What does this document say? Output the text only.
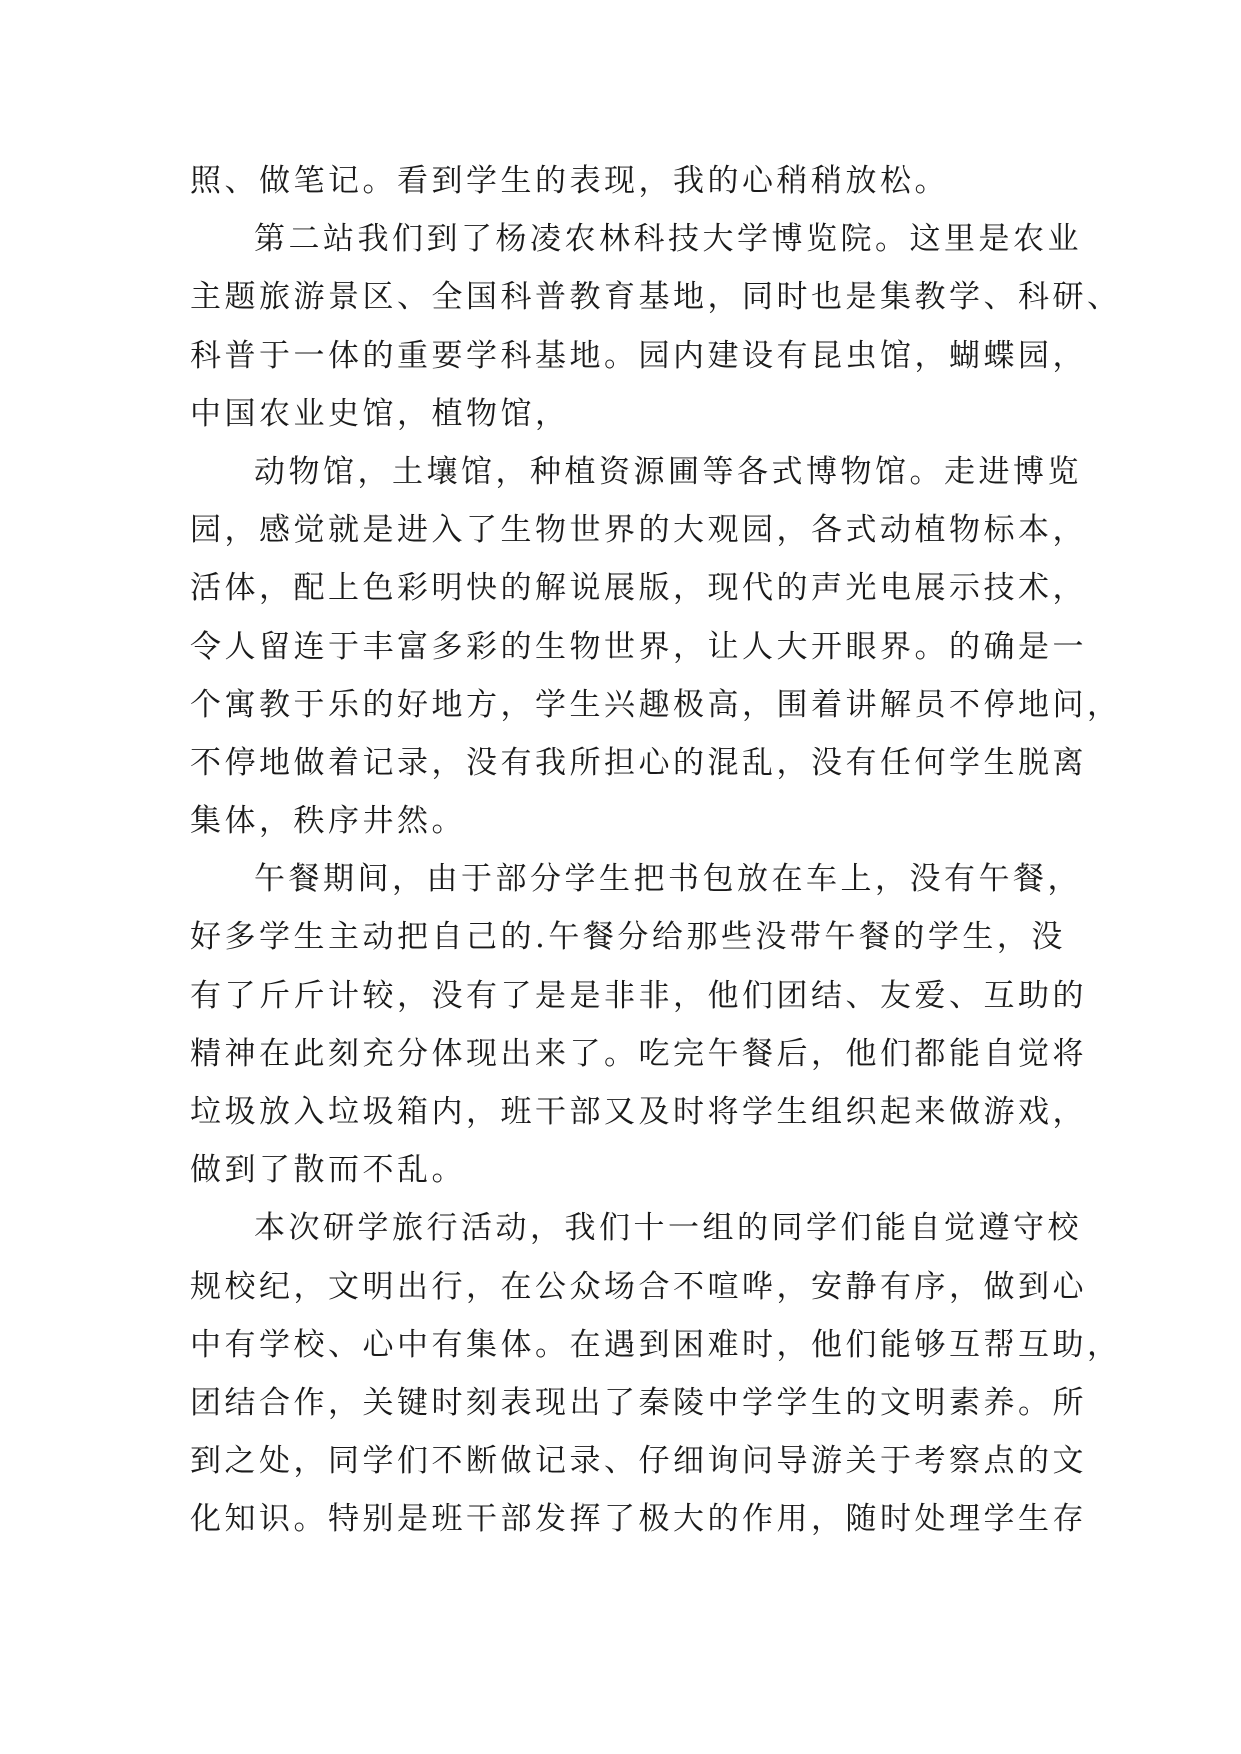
照、做笔记。看到学生的表现，我的心稍稍放松。

第二站我们到了杨凌农林科技大学博览院。这里是农业

主题旅游景区、全国科普教育基地，同时也是集教学、科研、

科普于一体的重要学科基地。园内建设有昆虫馆，蝴蝶园，

中国农业史馆，植物馆，

动物馆，土壤馆，种植资源圃等各式博物馆。走进博览

园，感觉就是进入了生物世界的大观园，各式动植物标本，

活体，配上色彩明快的解说展版，现代的声光电展示技术，

令人留连于丰富多彩的生物世界，让人大开眼界。的确是一

个寓教于乐的好地方，学生兴趣极高，围着讲解员不停地问，

不停地做着记录，没有我所担心的混乱，没有任何学生脱离

集体，秩序井然。

午餐期间，由于部分学生把书包放在车上，没有午餐，

好多学生主动把自己的.午餐分给那些没带午餐的学生，没

有了斤斤计较，没有了是是非非，他们团结、友爱、互助的

精神在此刻充分体现出来了。吃完午餐后，他们都能自觉将

垃圾放入垃圾箱内，班干部又及时将学生组织起来做游戏，

做到了散而不乱。

本次研学旅行活动，我们十一组的同学们能自觉遵守校

规校纪，文明出行，在公众场合不喧哗，安静有序，做到心

中有学校、心中有集体。在遇到困难时，他们能够互帮互助，

团结合作，关键时刻表现出了秦陵中学学生的文明素养。所

到之处，同学们不断做记录、仔细询问导游关于考察点的文

化知识。特别是班干部发挥了极大的作用，随时处理学生存
